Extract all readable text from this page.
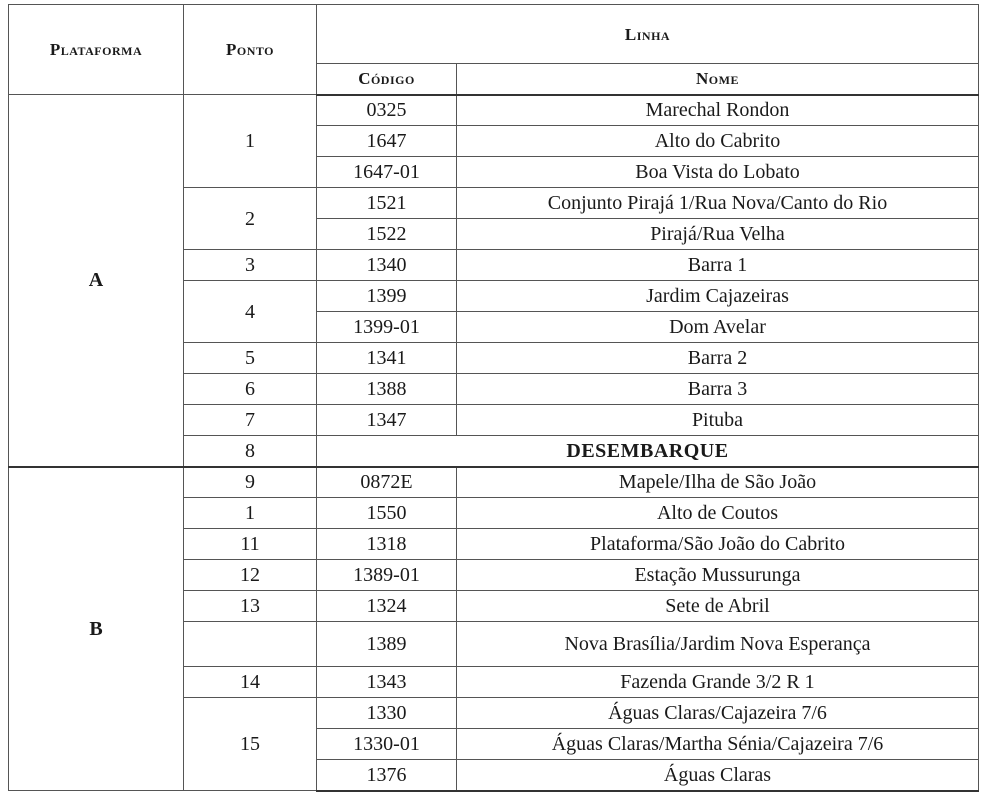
Plataforma	Ponto	Linha	
		Código	Nome
A	1	0325	Marechal Rondon
		1647	Alto do Cabrito
		1647-01	Boa Vista do Lobato
	2	1521	Conjunto Pirajá 1/Rua Nova/Canto do Rio
		1522	Pirajá/Rua Velha
	3	1340	Barra 1
	4	1399	Jardim Cajazeiras
		1399-01	Dom Avelar
	5	1341	Barra 2
	6	1388	Barra 3
	7	1347	Pituba
	8	DESEMBARQUE	
B	9	0872E	Mapele/Ilha de São João
	1	1550	Alto de Coutos
	11	1318	Plataforma/São João do Cabrito
	12	1389-01	Estação Mussurunga
	13	1324	Sete de Abril
		1389	Nova Brasília/Jardim Nova Esperança
	14	1343	Fazenda Grande 3/2 R 1
	15	1330	Águas Claras/Cajazeira 7/6
		1330-01	Águas Claras/Martha Sénia/Cajazeira 7/6
		1376	Águas Claras
